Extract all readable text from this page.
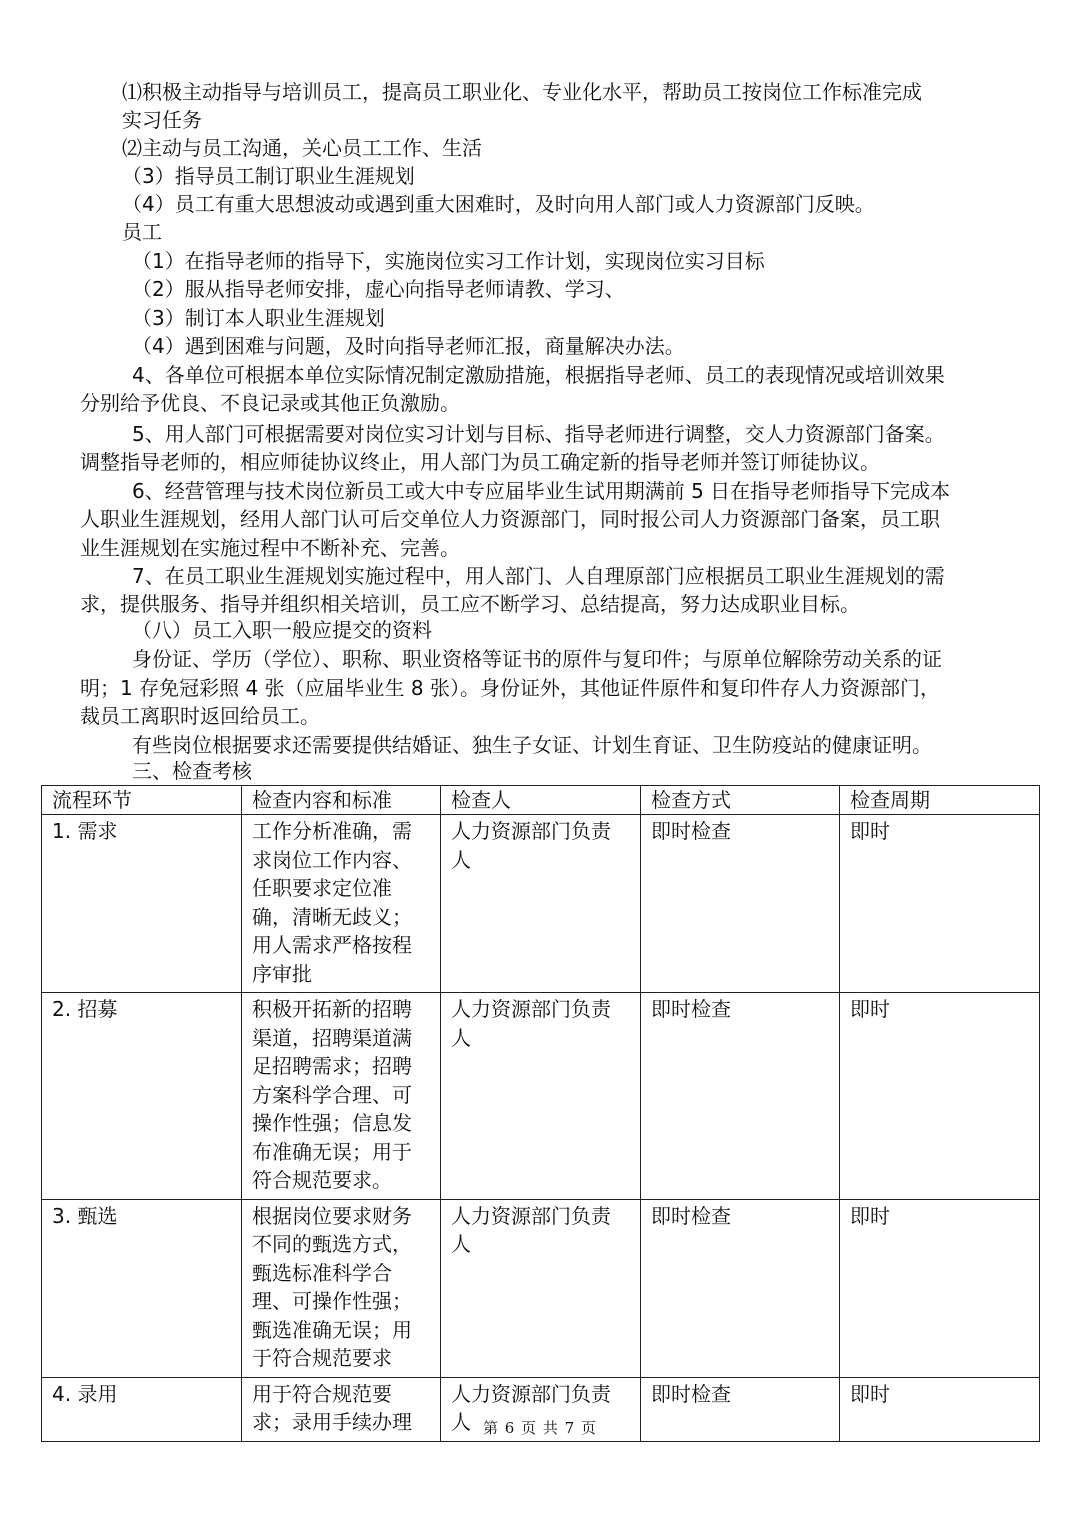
⑴积极主动指导与培训员工，提高员工职业化、专业化水平，帮助员工按岗位工作标准完成
实习任务
⑵主动与员工沟通，关心员工工作、生活
（3）指导员工制订职业生涯规划
（4）员工有重大思想波动或遇到重大困难时，及时向用人部门或人力资源部门反映。
员工
（1）在指导老师的指导下，实施岗位实习工作计划，实现岗位实习目标
（2）服从指导老师安排，虚心向指导老师请教、学习、
（3）制订本人职业生涯规划
（4）遇到困难与问题，及时向指导老师汇报，商量解决办法。
4、各单位可根据本单位实际情况制定激励措施，根据指导老师、员工的表现情况或培训效果
分别给予优良、不良记录或其他正负激励。
5、用人部门可根据需要对岗位实习计划与目标、指导老师进行调整，交人力资源部门备案。
调整指导老师的，相应师徒协议终止，用人部门为员工确定新的指导老师并签订师徒协议。
6、经营管理与技术岗位新员工或大中专应届毕业生试用期满前 5 日在指导老师指导下完成本
人职业生涯规划，经用人部门认可后交单位人力资源部门，同时报公司人力资源部门备案，员工职
业生涯规划在实施过程中不断补充、完善。
7、在员工职业生涯规划实施过程中，用人部门、人自理原部门应根据员工职业生涯规划的需
求，提供服务、指导并组织相关培训，员工应不断学习、总结提高，努力达成职业目标。
（八）员工入职一般应提交的资料
身份证、学历（学位）、职称、职业资格等证书的原件与复印件；与原单位解除劳动关系的证
明；1 存免冠彩照 4 张（应届毕业生 8 张）。身份证外，其他证件原件和复印件存人力资源部门，
裁员工离职时返回给员工。
有些岗位根据要求还需要提供结婚证、独生子女证、计划生育证、卫生防疫站的健康证明。
三、检查考核
流程环节	检查内容和标准	检查人	检查方式	检查周期
1. 需求	工作分析准确，需求岗位工作内容、任职要求定位准确，清晰无歧义；用人需求严格按程序审批	人力资源部门负责人	即时检查	即时
2. 招募	积极开拓新的招聘渠道，招聘渠道满足招聘需求；招聘方案科学合理、可操作性强；信息发布准确无误；用于符合规范要求。	人力资源部门负责人	即时检查	即时
3. 甄选	根据岗位要求财务不同的甄选方式，甄选标准科学合理、可操作性强；甄选准确无误；用于符合规范要求	人力资源部门负责人	即时检查	即时
4. 录用	用于符合规范要求；录用手续办理	人力资源部门负责人	即时检查	即时
第 6 页 共 7 页
